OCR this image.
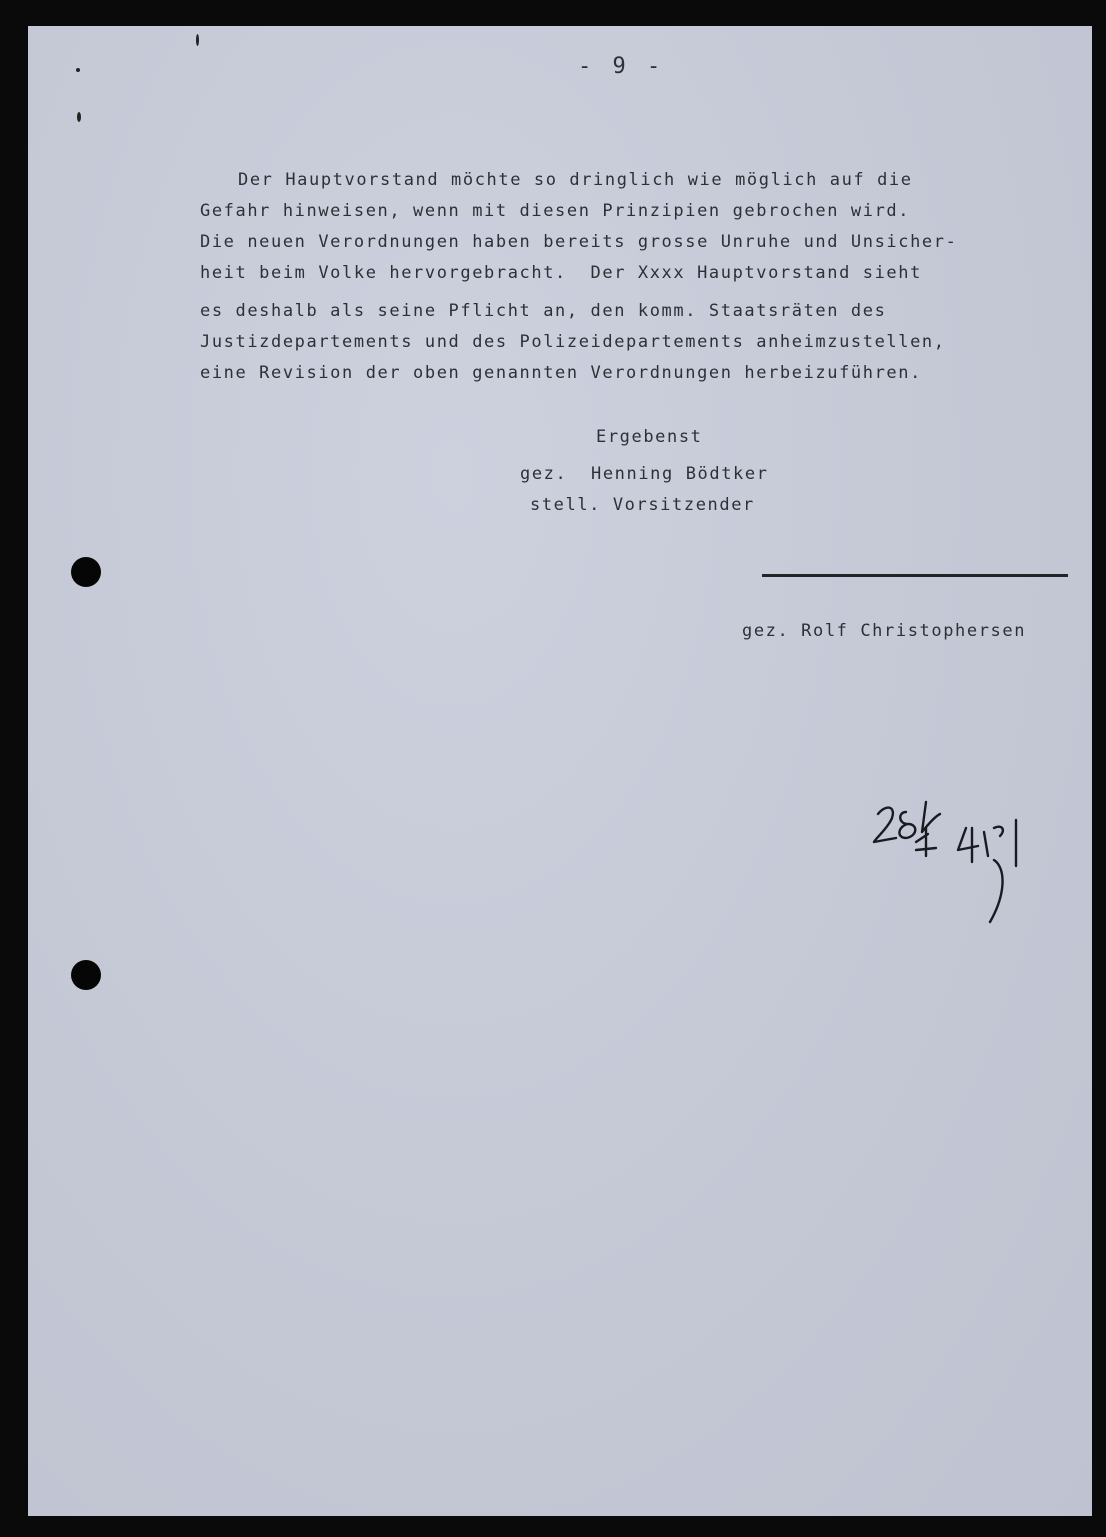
- 9 -
Der Hauptvorstand möchte so dringlich wie möglich auf die
Gefahr hinweisen, wenn mit diesen Prinzipien gebrochen wird.
Die neuen Verordnungen haben bereits grosse Unruhe und Unsicher-
heit beim Volke hervorgebracht.  Der Xxxx Hauptvorstand sieht
es deshalb als seine Pflicht an, den komm. Staatsräten des
Justizdepartements und des Polizeidepartements anheimzustellen,
eine Revision der oben genannten Verordnungen herbeizuführen.
Ergebenst
gez.  Henning Bödtker
stell. Vorsitzender
gez. Rolf Christophersen
